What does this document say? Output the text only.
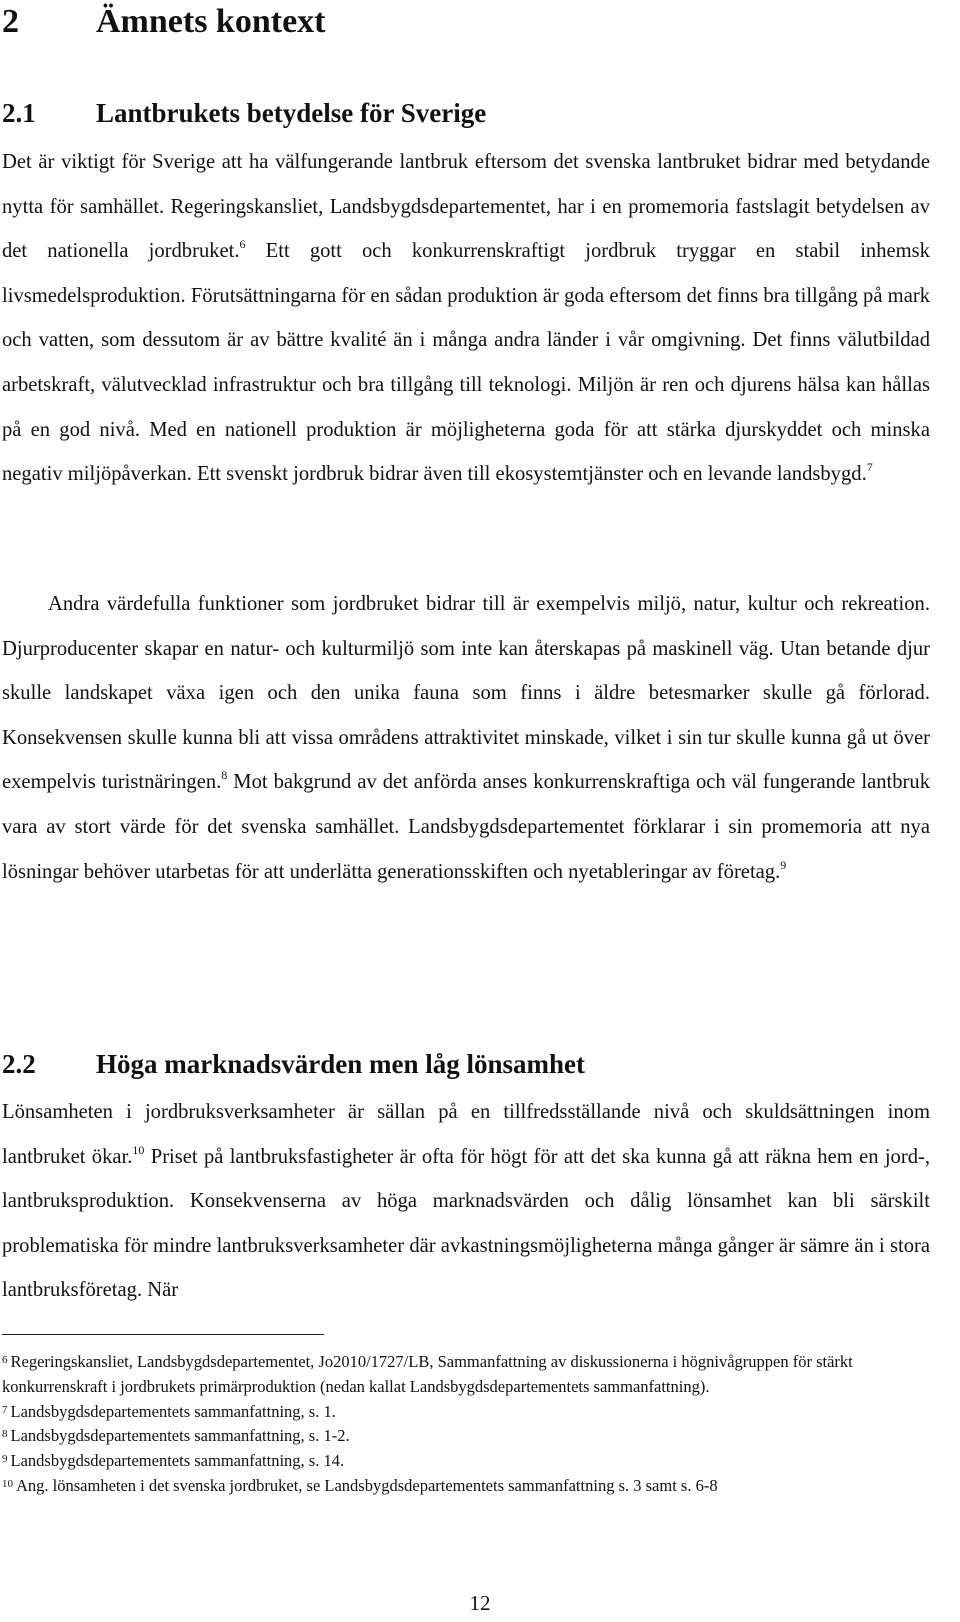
2 Ämnets kontext
2.1 Lantbrukets betydelse för Sverige

Det är viktigt för Sverige att ha välfungerande lantbruk eftersom det svenska lantbruket bidrar med betydande nytta för samhället. Regeringskansliet, Landsbygdsdepartementet, har i en promemoria fastslagit betydelsen av det nationella jordbruket.$^6$ Ett gott och konkurrenskraftigt jordbruk tryggar en stabil inhemsk livsmedelsproduktion. Förutsättningarna för en sådan produktion är goda eftersom det finns bra tillgång på mark och vatten, som dessutom är av bättre kvalité än i många andra länder i vår omgivning. Det finns välutbildad arbetskraft, välutvecklad infrastruktur och bra tillgång till teknologi. Miljön är ren och djurens hälsa kan hållas på en god nivå. Med en nationell produktion är möjligheterna goda för att stärka djurskyddet och minska negativ miljöpåverkan. Ett svenskt jordbruk bidrar även till ekosystemtjänster och en levande landsbygd.$^7$

Andra värdefulla funktioner som jordbruket bidrar till är exempelvis miljö, natur, kultur och rekreation. Djurproducenter skapar en natur- och kulturmiljö som inte kan återskapas på maskinell väg. Utan betande djur skulle landskapet växa igen och den unika fauna som finns i äldre betesmarker skulle gå förlorad. Konsekvensen skulle kunna bli att vissa områdens attraktivitet minskade, vilket i sin tur skulle kunna gå ut över exempelvis turistnäringen.$^8$ Mot bakgrund av det anförda anses konkurrenskraftiga och väl fungerande lantbruk vara av stort värde för det svenska samhället. Landsbygdsdepartementet förklarar i sin promemoria att nya lösningar behöver utarbetas för att underlätta generationsskiften och nyetableringar av företag.$^9$

2.2 Höga marknadsvärden men låg lönsamhet

Lönsamheten i jordbruksverksamheter är sällan på en tillfredsställande nivå och skuldsättningen inom lantbruket ökar.$^{10}$ Priset på lantbruksfastigheter är ofta för högt för att det ska kunna gå att räkna hem en jord-, lantbruksproduktion. Konsekvenserna av höga marknadsvärden och dålig lönsamhet kan bli särskilt problematiska för mindre lantbruksverksamheter där avkastningsmöjligheterna många gånger är sämre än i stora lantbruksföretag. När

$^6$ Regeringskansliet, Landsbygdsdepartementet, Jo2010/1727/LB, Sammanfattning av diskussionerna i högnivågruppen för stärkt konkurrenskraft i jordbrukets primärproduktion (nedan kallat Landsbygdsdepartementets sammanfattning).

$^7$ Landsbygdsdepartementets sammanfattning, s. 1.

$^8$ Landsbygdsdepartementets sammanfattning, s. 1-2.

$^9$ Landsbygdsdepartementets sammanfattning, s. 14.

$^{10}$ Ang. lönsamheten i det svenska jordbruket, se Landsbygdsdepartementets sammanfattning s. 3 samt s. 6-8

12
